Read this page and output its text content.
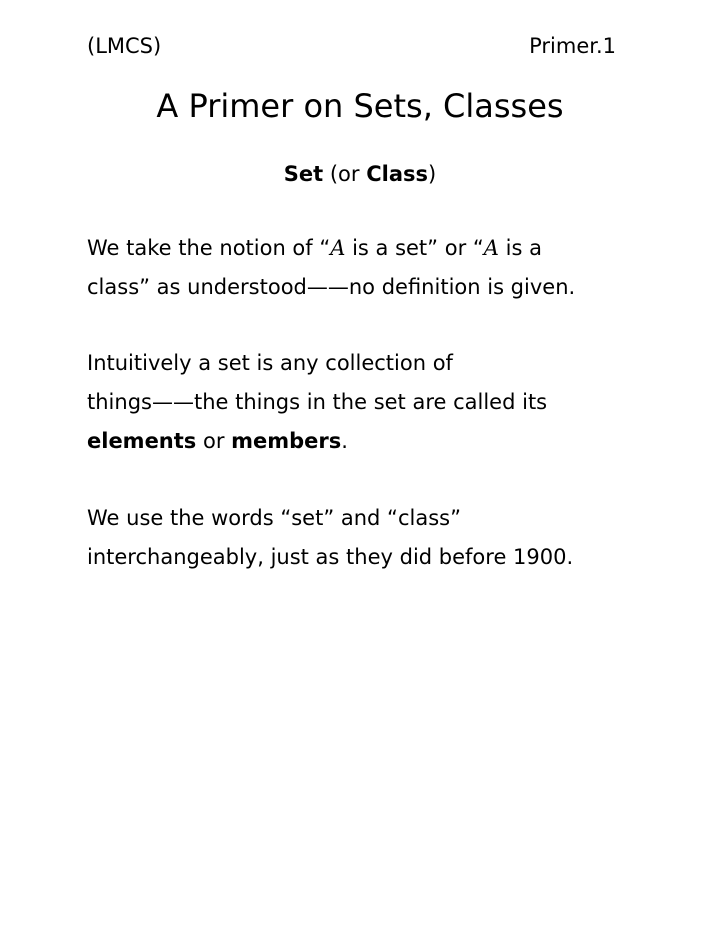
(LMCS)	Primer.1
A Primer on Sets, Classes
Set (or Class)
We take the notion of “A is a set” or “A is a
class” as understood——no definition is given.
Intuitively a set is any collection of
things——the things in the set are called its
elements or members.
We use the words “set” and “class”
interchangeably, just as they did before 1900.
